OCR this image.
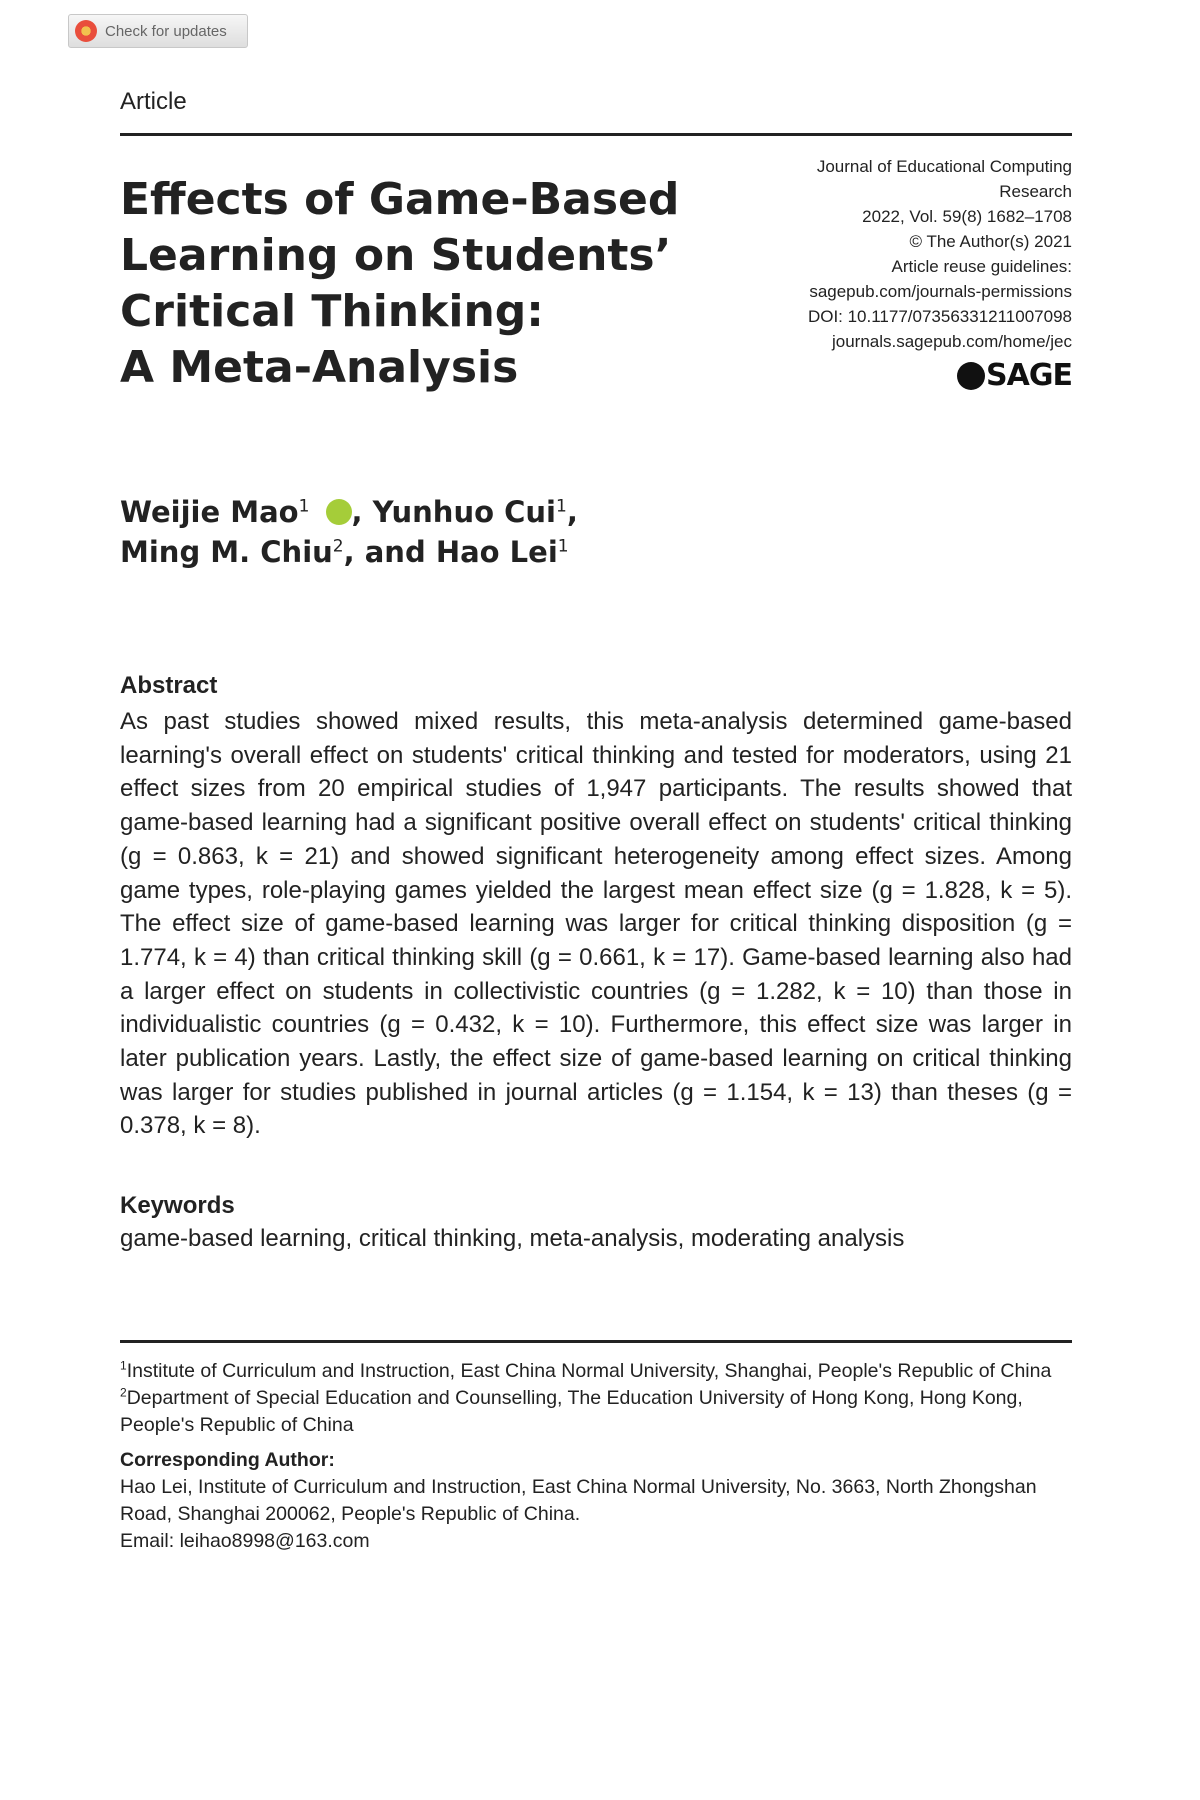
Check for updates
Article
Effects of Game-Based
Learning on Students’
Critical Thinking:
A Meta-Analysis
Journal of Educational Computing
Research
2022, Vol. 59(8) 1682–1708
© The Author(s) 2021
Article reuse guidelines:
sagepub.com/journals-permissions
DOI: 10.1177/07356331211007098
journals.sagepub.com/home/jec
SAGE
Weijie Mao$^1$ , Yunhuo Cui$^1$,
Ming M. Chiu$^2$, and Hao Lei$^1$
Abstract

As past studies showed mixed results, this meta-analysis determined game-based learning's overall effect on students' critical thinking and tested for moderators, using 21 effect sizes from 20 empirical studies of 1,947 participants. The results showed that game-based learning had a significant positive overall effect on students' critical thinking (g = 0.863, k = 21) and showed significant heterogeneity among effect sizes. Among game types, role-playing games yielded the largest mean effect size (g = 1.828, k = 5). The effect size of game-based learning was larger for critical thinking disposition (g = 1.774, k = 4) than critical thinking skill (g = 0.661, k = 17). Game-based learning also had a larger effect on students in collectivistic countries (g = 1.282, k = 10) than those in individualistic countries (g = 0.432, k = 10). Furthermore, this effect size was larger in later publication years. Lastly, the effect size of game-based learning on critical thinking was larger for studies published in journal articles (g = 1.154, k = 13) than theses (g = 0.378, k = 8).

Keywords
game-based learning, critical thinking, meta-analysis, moderating analysis

$^1$Institute of Curriculum and Instruction, East China Normal University, Shanghai, People's Republic of China

$^2$Department of Special Education and Counselling, The Education University of Hong Kong, Hong Kong, People's Republic of China

Corresponding Author:

Hao Lei, Institute of Curriculum and Instruction, East China Normal University, No. 3663, North Zhongshan Road, Shanghai 200062, People's Republic of China.

Email: leihao8998@163.com
